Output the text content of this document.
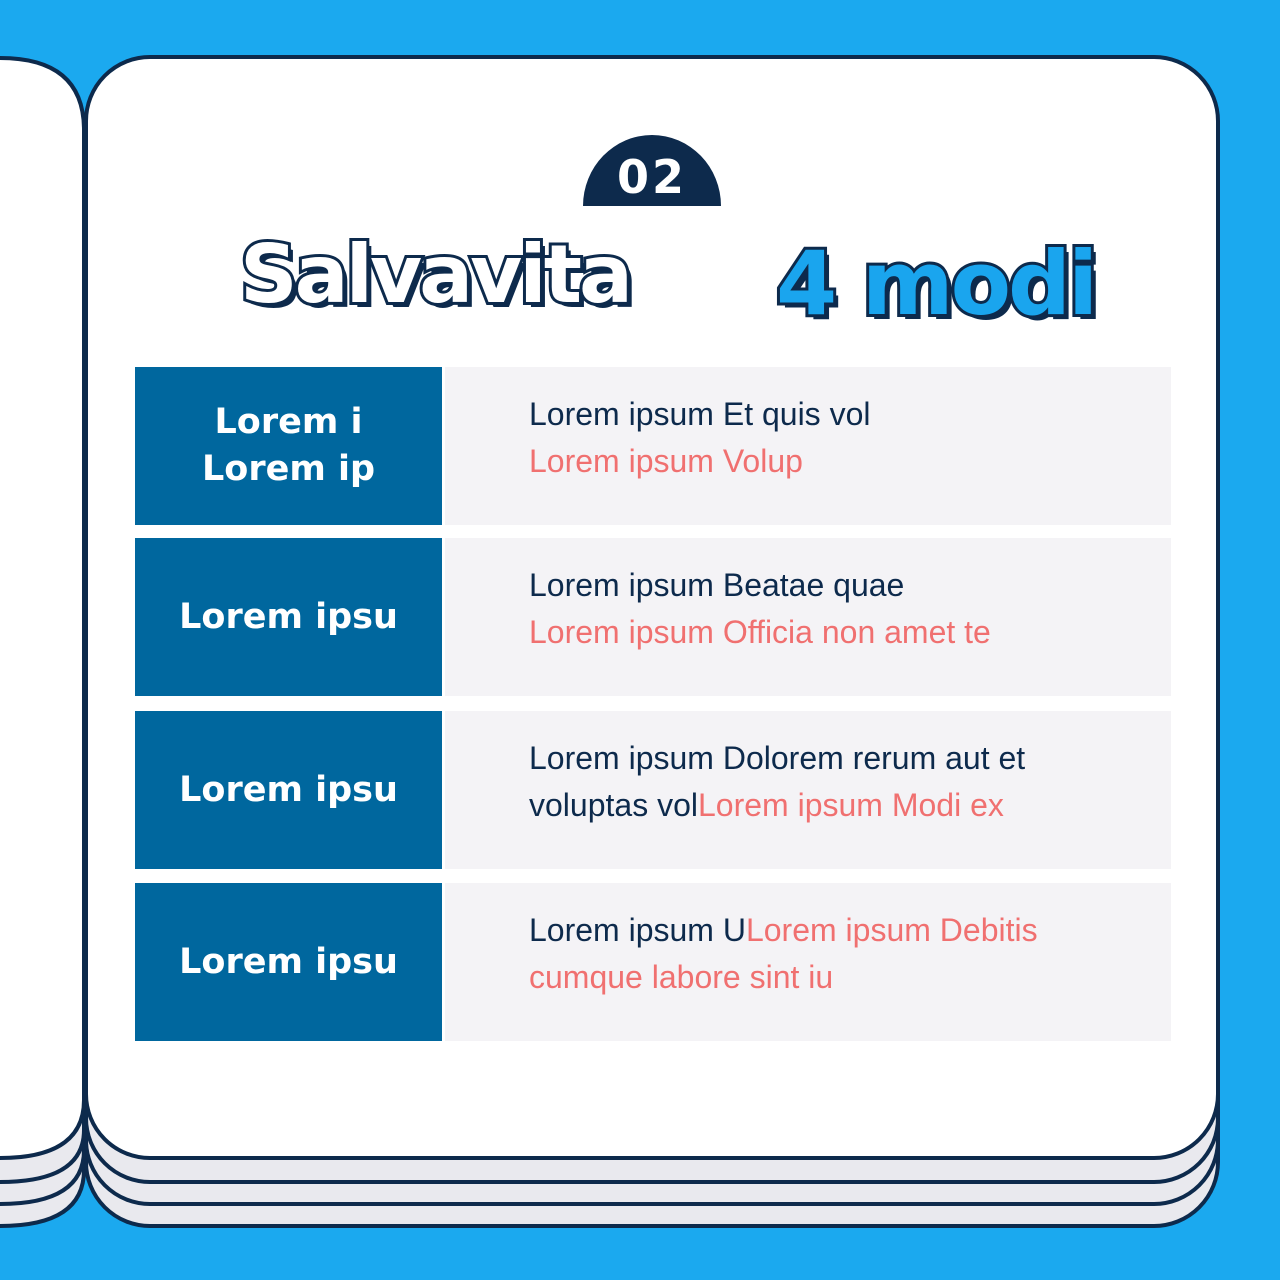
02
Salvavita 4 modi
Lorem i
Lorem ip
Lorem ipsum Et quis vol
Lorem ipsum Volup
Lorem ipsu
Lorem ipsum Beatae quae
Lorem ipsum Officia non amet te
Lorem ipsu
Lorem ipsum Dolorem rerum aut et voluptas volLorem ipsum Modi ex
Lorem ipsu
Lorem ipsum ULorem ipsum Debitis cumque labore sint iu
